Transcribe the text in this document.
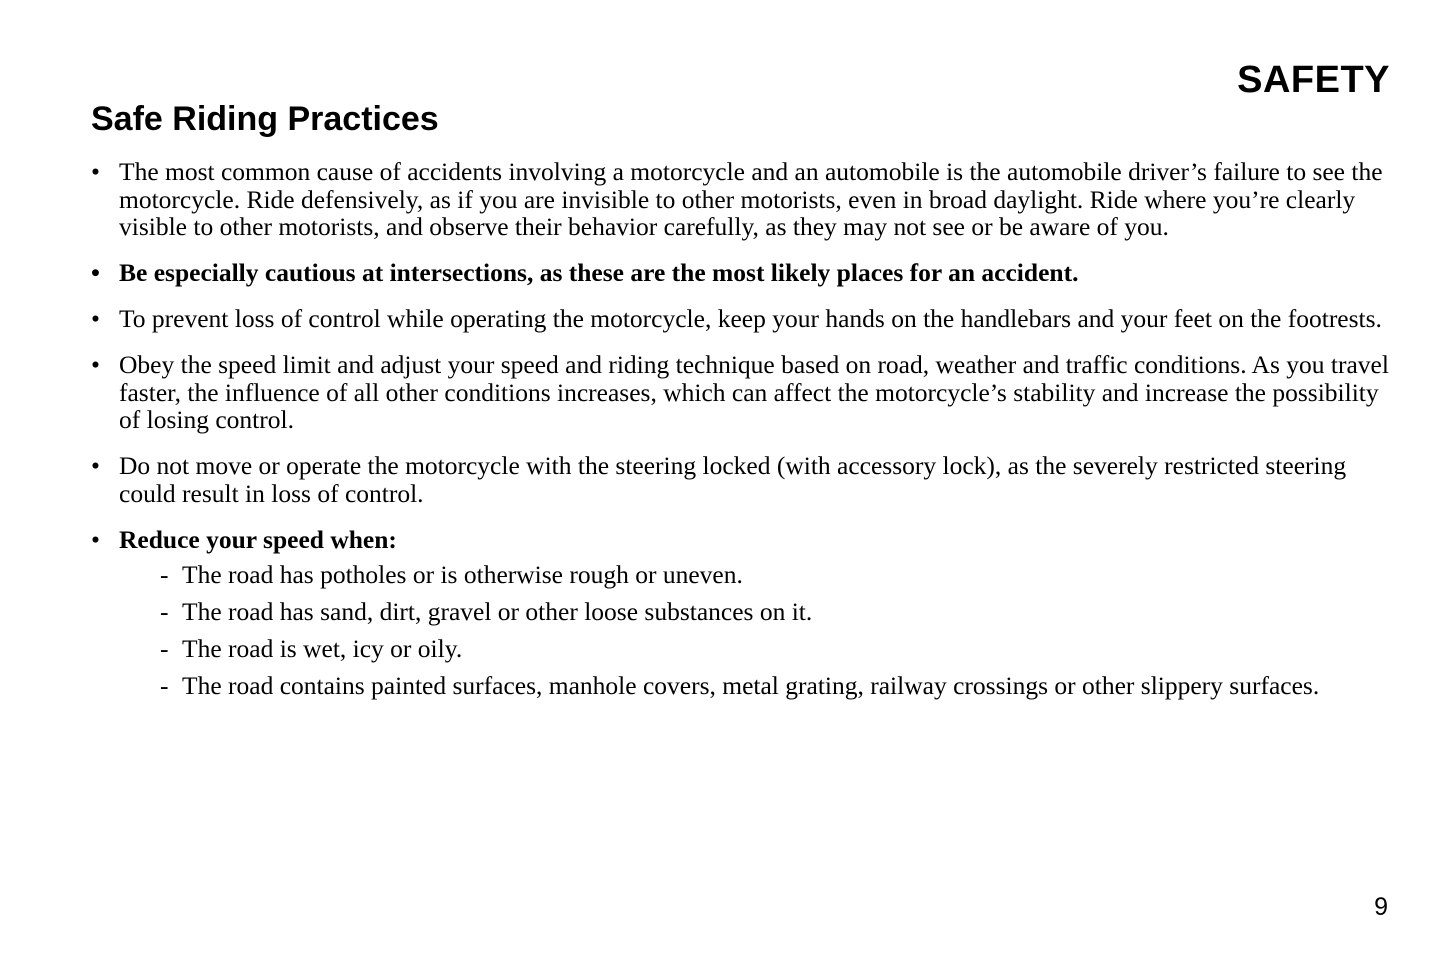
SAFETY
Safe Riding Practices
• The most common cause of accidents involving a motorcycle and an automobile is the automobile driver’s failure to see the motorcycle. Ride defensively, as if you are invisible to other motorists, even in broad daylight. Ride where you’re clearly visible to other motorists, and observe their behavior carefully, as they may not see or be aware of you.
• Be especially cautious at intersections, as these are the most likely places for an accident.
• To prevent loss of control while operating the motorcycle, keep your hands on the handlebars and your feet on the footrests.
• Obey the speed limit and adjust your speed and riding technique based on road, weather and traffic conditions. As you travel faster, the influence of all other conditions increases, which can affect the motorcycle’s stability and increase the possibility of losing control.
• Do not move or operate the motorcycle with the steering locked (with accessory lock), as the severely restricted steering could result in loss of control.
• Reduce your speed when:
- The road has potholes or is otherwise rough or uneven.
- The road has sand, dirt, gravel or other loose substances on it.
- The road is wet, icy or oily.
- The road contains painted surfaces, manhole covers, metal grating, railway crossings or other slippery surfaces.
9
